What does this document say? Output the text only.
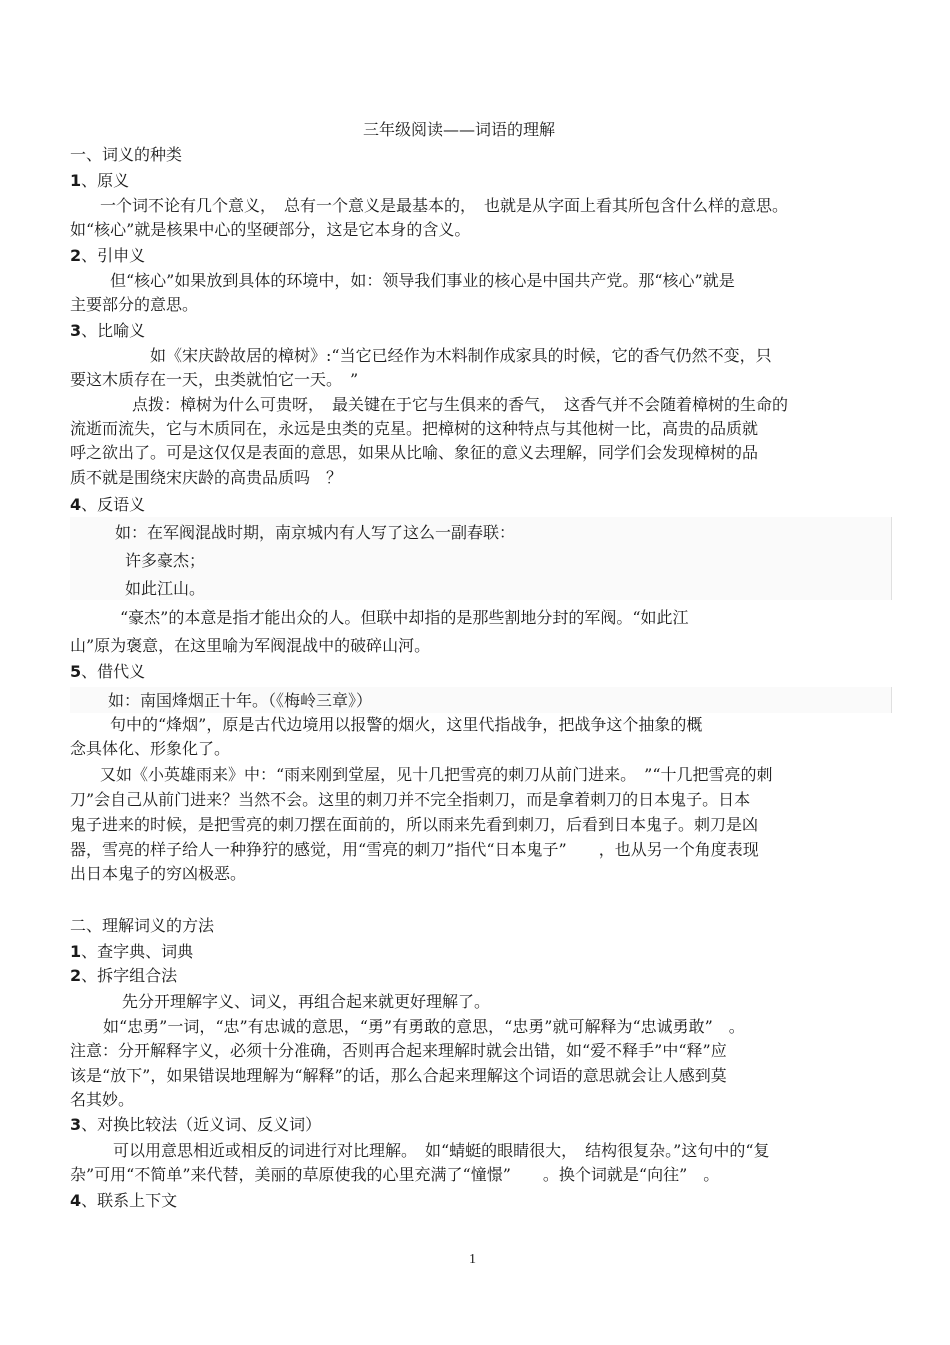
三年级阅读——词语的理解
一、词义的种类
1、原义
一个词不论有几个意义，　总有一个意义是最基本的，　也就是从字面上看其所包含什么样的意思。
如“核心”就是核果中心的坚硬部分，这是它本身的含义。
2、引申义
但“核心”如果放到具体的环境中，如：领导我们事业的核心是中国共产党。那“核心”就是
主要部分的意思。
3、比喻义
如《宋庆龄故居的樟树》:“当它已经作为木料制作成家具的时候，它的香气仍然不变，只
要这木质存在一天，虫类就怕它一天。　”
点拨：樟树为什么可贵呀，　最关键在于它与生俱来的香气，　这香气并不会随着樟树的生命的
流逝而流失，它与木质同在，永远是虫类的克星。把樟树的这种特点与其他树一比，高贵的品质就
呼之欲出了。可是这仅仅是表面的意思，如果从比喻、象征的意义去理解，同学们会发现樟树的品
质不就是围绕宋庆龄的高贵品质吗　？
4、反语义
如：在军阀混战时期，南京城内有人写了这么一副春联：
许多豪杰；
如此江山。
“豪杰”的本意是指才能出众的人。但联中却指的是那些割地分封的军阀。“如此江
山”原为褒意，在这里喻为军阀混战中的破碎山河。
5、借代义
如：南国烽烟正十年。（《梅岭三章》）
句中的“烽烟”，原是古代边境用以报警的烟火，这里代指战争，把战争这个抽象的概
念具体化、形象化了。
又如《小英雄雨来》中：“雨来刚到堂屋，见十几把雪亮的刺刀从前门进来。　”“十几把雪亮的刺
刀”会自己从前门进来？当然不会。这里的刺刀并不完全指刺刀，而是拿着刺刀的日本鬼子。日本
鬼子进来的时候，是把雪亮的刺刀摆在面前的，所以雨来先看到刺刀，后看到日本鬼子。刺刀是凶
器，雪亮的样子给人一种狰狞的感觉，用“雪亮的刺刀”指代“日本鬼子”　　，也从另一个角度表现
出日本鬼子的穷凶极恶。
二、理解词义的方法
1、查字典、词典
2、拆字组合法
先分开理解字义、词义，再组合起来就更好理解了。
如“忠勇”一词，“忠”有忠诚的意思，“勇”有勇敢的意思，“忠勇”就可解释为“忠诚勇敢”　。
注意：分开解释字义，必须十分准确，否则再合起来理解时就会出错，如“爱不释手”中“释”应
该是“放下”，如果错误地理解为“解释”的话，那么合起来理解这个词语的意思就会让人感到莫
名其妙。
3、对换比较法（近义词、反义词）
可以用意思相近或相反的词进行对比理解。　如“蜻蜓的眼睛很大，　结构很复杂。”这句中的“复
杂”可用“不简单”来代替，美丽的草原使我的心里充满了“憧憬”　　。换个词就是“向往”　。
4、联系上下文
1
